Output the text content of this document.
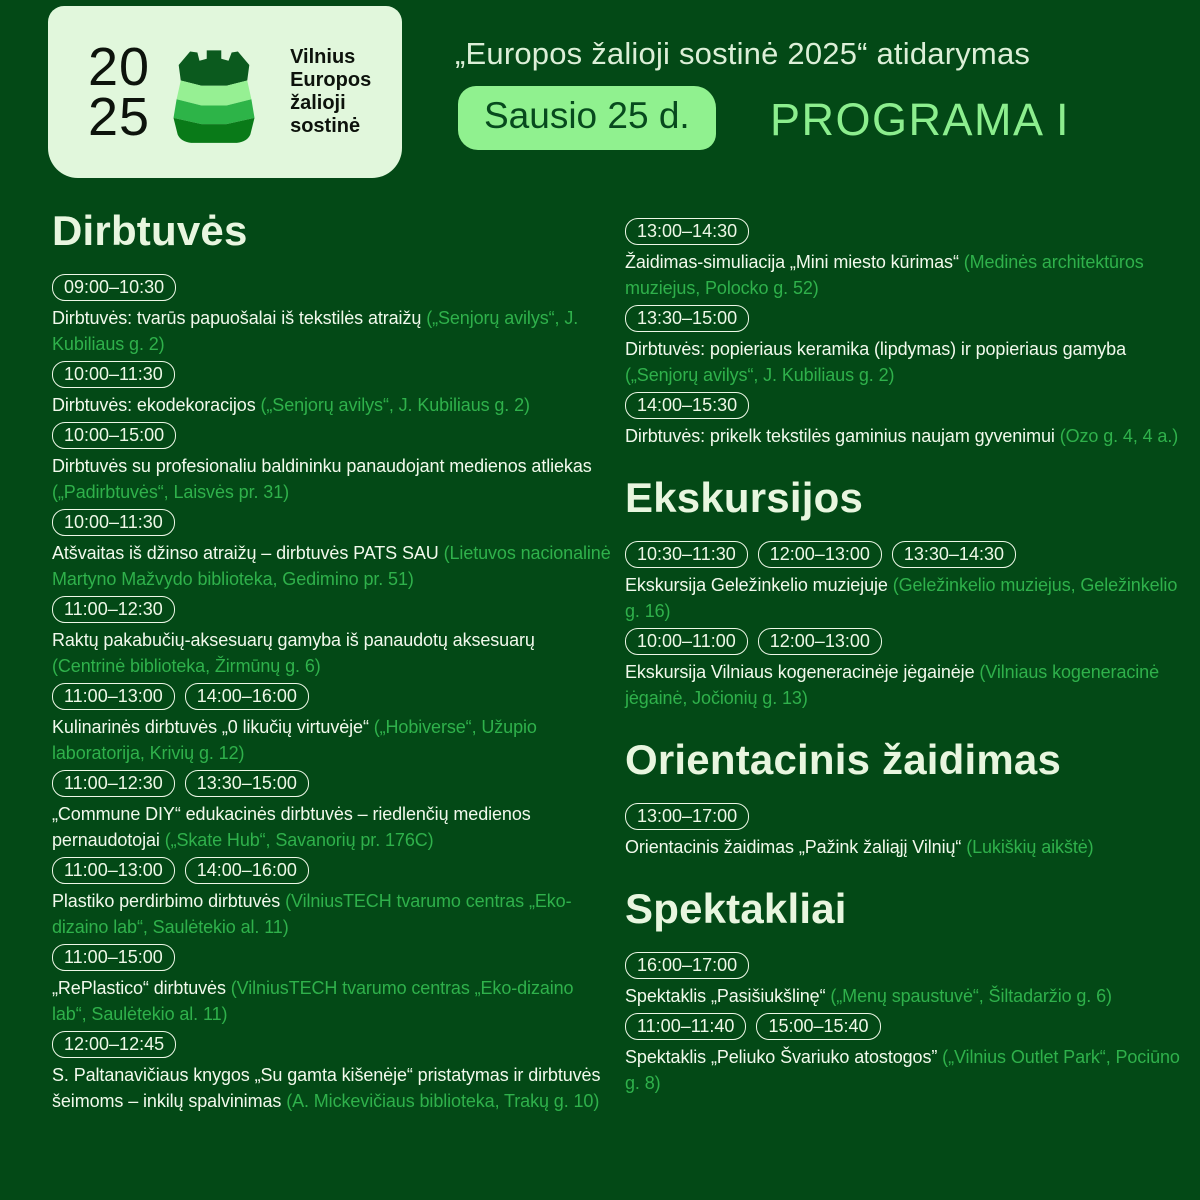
20
25
Vilnius
Europos
žalioji
sostinė
„Europos žalioji sostinė 2025“ atidarymas
Sausio 25 d.	PROGRAMA I
Dirbtuvės
09:00–10:30

Dirbtuvės: tvarūs papuošalai iš tekstilės atraižų („Senjorų avilys“, J. Kubiliaus g. 2)

10:00–11:30

Dirbtuvės: ekodekoracijos („Senjorų avilys“, J. Kubiliaus g. 2)

10:00–15:00

Dirbtuvės su profesionaliu baldininku panaudojant medienos atliekas („Padirbtuvės“, Laisvės pr. 31)

10:00–11:30

Atšvaitas iš džinso atraižų – dirbtuvės PATS SAU (Lietuvos nacionalinė Martyno Mažvydo biblioteka, Gedimino pr. 51)

11:00–12:30

Raktų pakabučių-aksesuarų gamyba iš panaudotų aksesuarų (Centrinė biblioteka, Žirmūnų g. 6)

11:00–13:00	14:00–16:00

Kulinarinės dirbtuvės „0 likučių virtuvėje“ („Hobiverse“, Užupio laboratorija, Krivių g. 12)

11:00–12:30	13:30–15:00

„Commune DIY“ edukacinės dirbtuvės – riedlenčių medienos pernaudotojai („Skate Hub“, Savanorių pr. 176C)

11:00–13:00	14:00–16:00

Plastiko perdirbimo dirbtuvės (VilniusTECH tvarumo centras „Eko-dizaino lab“, Saulėtekio al. 11)

11:00–15:00

„RePlastico“ dirbtuvės (VilniusTECH tvarumo centras „Eko-dizaino lab“, Saulėtekio al. 11)

12:00–12:45

S. Paltanavičiaus knygos „Su gamta kišenėje“ pristatymas ir dirbtuvės šeimoms – inkilų spalvinimas (A. Mickevičiaus biblioteka, Trakų g. 10)

13:00–14:30

Žaidimas-simuliacija „Mini miesto kūrimas“ (Medinės architektūros muziejus, Polocko g. 52)

13:30–15:00

Dirbtuvės: popieriaus keramika (lipdymas) ir popieriaus gamyba („Senjorų avilys“, J. Kubiliaus g. 2)

14:00–15:30

Dirbtuvės: prikelk tekstilės gaminius naujam gyvenimui (Ozo g. 4, 4 a.)

Ekskursijos
10:30–11:30	12:00–13:00	13:30–14:30

Ekskursija Geležinkelio muziejuje (Geležinkelio muziejus, Geležinkelio g. 16)

10:00–11:00	12:00–13:00

Ekskursija Vilniaus kogeneracinėje jėgainėje (Vilniaus kogeneracinė jėgainė, Jočionių g. 13)

Orientacinis žaidimas
13:00–17:00

Orientacinis žaidimas „Pažink žaliąjį Vilnių“ (Lukiškių aikštė)

Spektakliai
16:00–17:00

Spektaklis „Pasišiukšlinę“ („Menų spaustuvė“, Šiltadaržio g. 6)

11:00–11:40	15:00–15:40

Spektaklis „Peliuko Švariuko atostogos” („Vilnius Outlet Park“, Pociūno g. 8)
